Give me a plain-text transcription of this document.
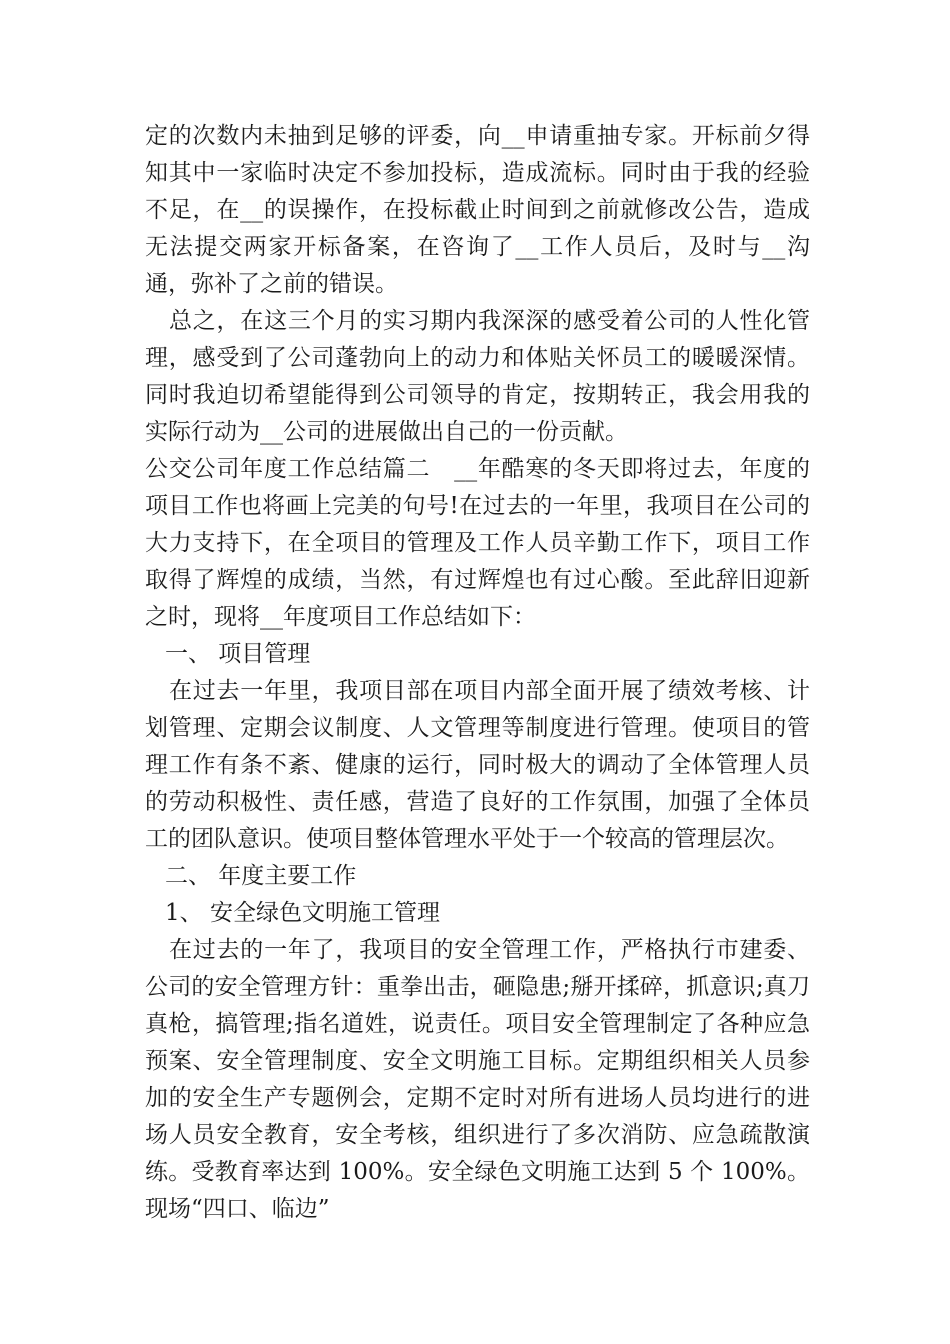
定的次数内未抽到足够的评委，向__申请重抽专家。开标前夕得知其中一家临时决定不参加投标，造成流标。同时由于我的经验不足，在__的误操作，在投标截止时间到之前就修改公告，造成无法提交两家开标备案，在咨询了__工作人员后，及时与__沟通，弥补了之前的错误。

总之，在这三个月的实习期内我深深的感受着公司的人性化管理，感受到了公司蓬勃向上的动力和体贴关怀员工的暖暖深情。同时我迫切希望能得到公司领导的肯定，按期转正，我会用我的实际行动为__公司的进展做出自己的一份贡献。

公交公司年度工作总结篇二　__年酷寒的冬天即将过去，年度的项目工作也将画上完美的句号!在过去的一年里，我项目在公司的大力支持下，在全项目的管理及工作人员辛勤工作下，项目工作取得了辉煌的成绩，当然，有过辉煌也有过心酸。至此辞旧迎新之时，现将__年度项目工作总结如下：

一、 项目管理

在过去一年里，我项目部在项目内部全面开展了绩效考核、计划管理、定期会议制度、人文管理等制度进行管理。使项目的管理工作有条不紊、健康的运行，同时极大的调动了全体管理人员的劳动积极性、责任感，营造了良好的工作氛围，加强了全体员工的团队意识。使项目整体管理水平处于一个较高的管理层次。

二、 年度主要工作

1、 安全绿色文明施工管理

在过去的一年了，我项目的安全管理工作，严格执行市建委、公司的安全管理方针：重拳出击，砸隐患;掰开揉碎，抓意识;真刀真枪，搞管理;指名道姓，说责任。项目安全管理制定了各种应急预案、安全管理制度、安全文明施工目标。定期组织相关人员参加的安全生产专题例会，定期不定时对所有进场人员均进行的进场人员安全教育，安全考核，组织进行了多次消防、应急疏散演练。受教育率达到 100%。安全绿色文明施工达到 5 个 100%。现场“四口、临边”
